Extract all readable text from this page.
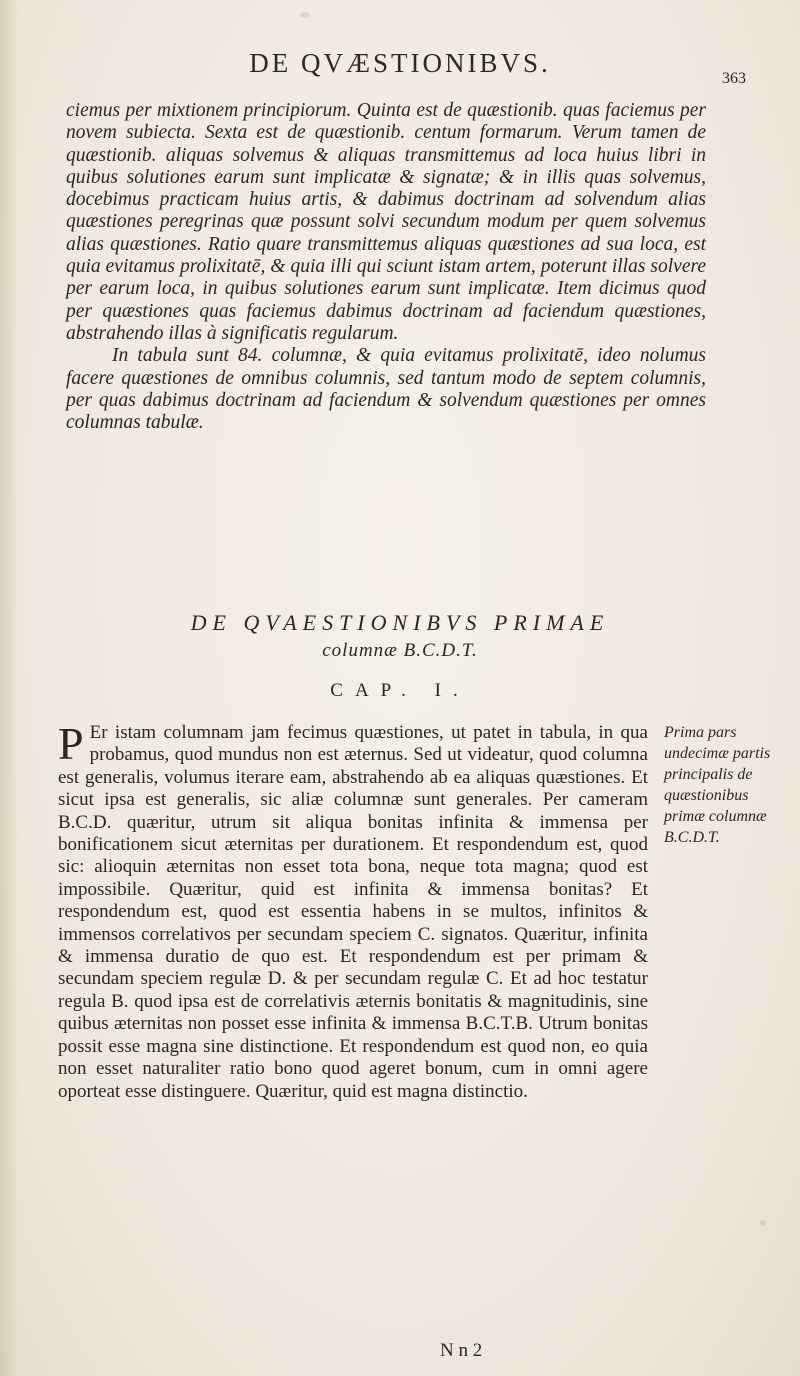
DE QVÆSTIONIBVS.
363

ciemus per mixtionem principiorum. Quinta est de quæstionib. quas faciemus per novem subiecta. Sexta est de quæstionib. centum formarum. Verum tamen de quæstionib. aliquas solvemus & aliquas transmittemus ad loca huius libri in quibus solutiones earum sunt implicatæ & signatæ; & in illis quas solvemus, docebimus practicam huius artis, & dabimus doctrinam ad solvendum alias quæstiones peregrinas quæ possunt solvi secundum modum per quem solvemus alias quæstiones. Ratio quare transmittemus aliquas quæstiones ad sua loca, est quia evitamus prolixitatē, & quia illi qui sciunt istam artem, poterunt illas solvere per earum loca, in quibus solutiones earum sunt implicatæ. Item dicimus quod per quæstiones quas faciemus dabimus doctrinam ad faciendum quæstiones, abstrahendo illas à significatis regularum.

In tabula sunt 84. columnæ, & quia evitamus prolixitatē, ideo nolumus facere quæstiones de omnibus columnis, sed tantum modo de septem columnis, per quas dabimus doctrinam ad faciendum & solvendum quæstiones per omnes columnas tabulæ.

DE QVAESTIONIBVS PRIMAE
columnæ B.C.D.T.
CAP. I.
P Er istam columnam jam fecimus quæstiones, ut patet in tabula, in qua probamus, quod mundus non est æternus. Sed ut videatur, quod columna est generalis, volumus iterare eam, abstrahendo ab ea aliquas quæstiones. Et sicut ipsa est generalis, sic aliæ columnæ sunt generales. Per cameram B.C.D. quæritur, utrum sit aliqua bonitas infinita & immensa per bonificationem sicut æternitas per durationem. Et respondendum est, quod sic: alioquin æternitas non esset tota bona, neque tota magna; quod est impossibile. Quæritur, quid est infinita & immensa bonitas? Et respondendum est, quod est essentia habens in se multos, infinitos & immensos correlativos per secundam speciem C. signatos. Quæritur, infinita & immensa duratio de quo est. Et respondendum est per primam & secundam speciem regulæ D. & per secundam regulæ C. Et ad hoc testatur regula B. quod ipsa est de correlativis æternis bonitatis & magnitudinis, sine quibus æternitas non posset esse infinita & immensa B.C.T.B. Utrum bonitas possit esse magna sine distinctione. Et respondendum est quod non, eo quia non esset naturaliter ratio bono quod ageret bonum, cum in omni agere oporteat esse distinguere. Quæritur, quid est magna distinctio.

Prima pars undecimæ partis principalis de quæstionibus primæ columnæ B.C.D.T.

N n 2
